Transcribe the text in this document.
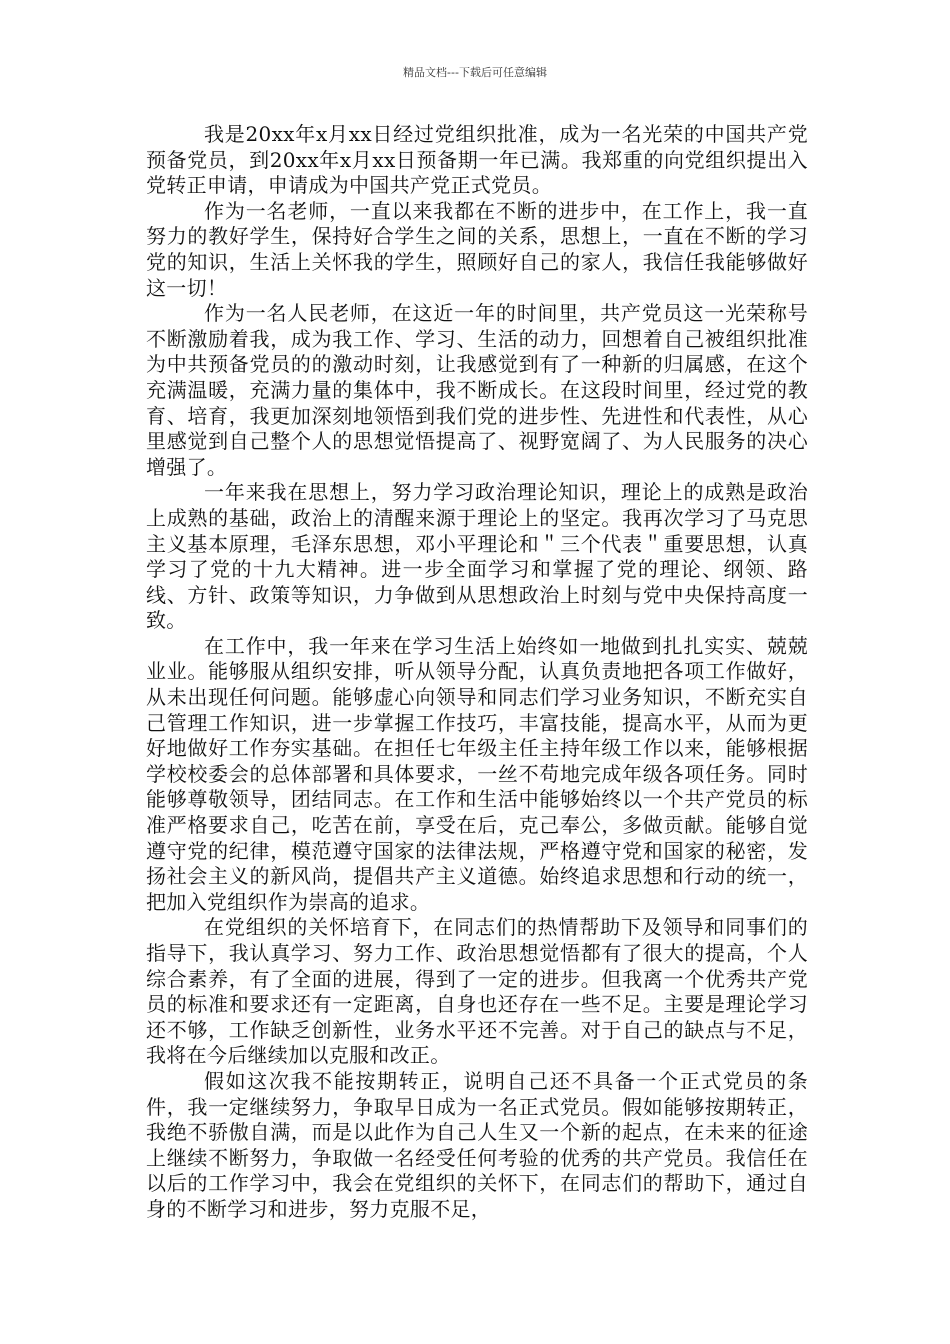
精品文档---下载后可任意编辑

我是20xx年x月xx日经过党组织批准，成为一名光荣的中国共产党预备党员，到20xx年x月xx日预备期一年已满。我郑重的向党组织提出入党转正申请，申请成为中国共产党正式党员。

作为一名老师，一直以来我都在不断的进步中，在工作上，我一直努力的教好学生，保持好合学生之间的关系，思想上，一直在不断的学习党的知识，生活上关怀我的学生，照顾好自己的家人，我信任我能够做好这一切！

作为一名人民老师，在这近一年的时间里，共产党员这一光荣称号不断激励着我，成为我工作、学习、生活的动力，回想着自己被组织批准为中共预备党员的的激动时刻，让我感觉到有了一种新的归属感，在这个充满温暖，充满力量的集体中，我不断成长。在这段时间里，经过党的教育、培育，我更加深刻地领悟到我们党的进步性、先进性和代表性，从心里感觉到自己整个人的思想觉悟提高了、视野宽阔了、为人民服务的决心增强了。

一年来我在思想上，努力学习政治理论知识，理论上的成熟是政治上成熟的基础，政治上的清醒来源于理论上的坚定。我再次学习了马克思主义基本原理，毛泽东思想，邓小平理论和＂三个代表＂重要思想，认真学习了党的十九大精神。进一步全面学习和掌握了党的理论、纲领、路线、方针、政策等知识，力争做到从思想政治上时刻与党中央保持高度一致。

在工作中，我一年来在学习生活上始终如一地做到扎扎实实、兢兢业业。能够服从组织安排，听从领导分配，认真负责地把各项工作做好，从未出现任何问题。能够虚心向领导和同志们学习业务知识，不断充实自己管理工作知识，进一步掌握工作技巧，丰富技能，提高水平，从而为更好地做好工作夯实基础。在担任七年级主任主持年级工作以来，能够根据学校校委会的总体部署和具体要求，一丝不苟地完成年级各项任务。同时能够尊敬领导，团结同志。在工作和生活中能够始终以一个共产党员的标准严格要求自己，吃苦在前，享受在后，克己奉公，多做贡献。能够自觉遵守党的纪律，模范遵守国家的法律法规，严格遵守党和国家的秘密，发扬社会主义的新风尚，提倡共产主义道德。始终追求思想和行动的统一，把加入党组织作为崇高的追求。

在党组织的关怀培育下，在同志们的热情帮助下及领导和同事们的指导下，我认真学习、努力工作、政治思想觉悟都有了很大的提高，个人综合素养，有了全面的进展，得到了一定的进步。但我离一个优秀共产党员的标准和要求还有一定距离，自身也还存在一些不足。主要是理论学习还不够，工作缺乏创新性，业务水平还不完善。对于自己的缺点与不足，我将在今后继续加以克服和改正。

假如这次我不能按期转正，说明自己还不具备一个正式党员的条件，我一定继续努力，争取早日成为一名正式党员。假如能够按期转正，我绝不骄傲自满，而是以此作为自己人生又一个新的起点，在未来的征途上继续不断努力，争取做一名经受任何考验的优秀的共产党员。我信任在以后的工作学习中，我会在党组织的关怀下，在同志们的帮助下，通过自身的不断学习和进步，努力克服不足，
